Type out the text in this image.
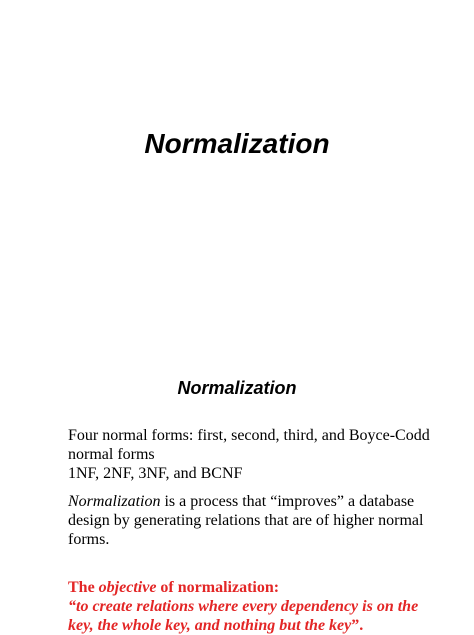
Normalization
Normalization
Four normal forms: first, second, third, and Boyce-Codd
normal forms
1NF, 2NF, 3NF, and BCNF
Normalization is a process that “improves” a database
design by generating relations that are of higher normal
forms.
The objective of normalization:
“to create relations where every dependency is on the
key, the whole key, and nothing but the key”.
